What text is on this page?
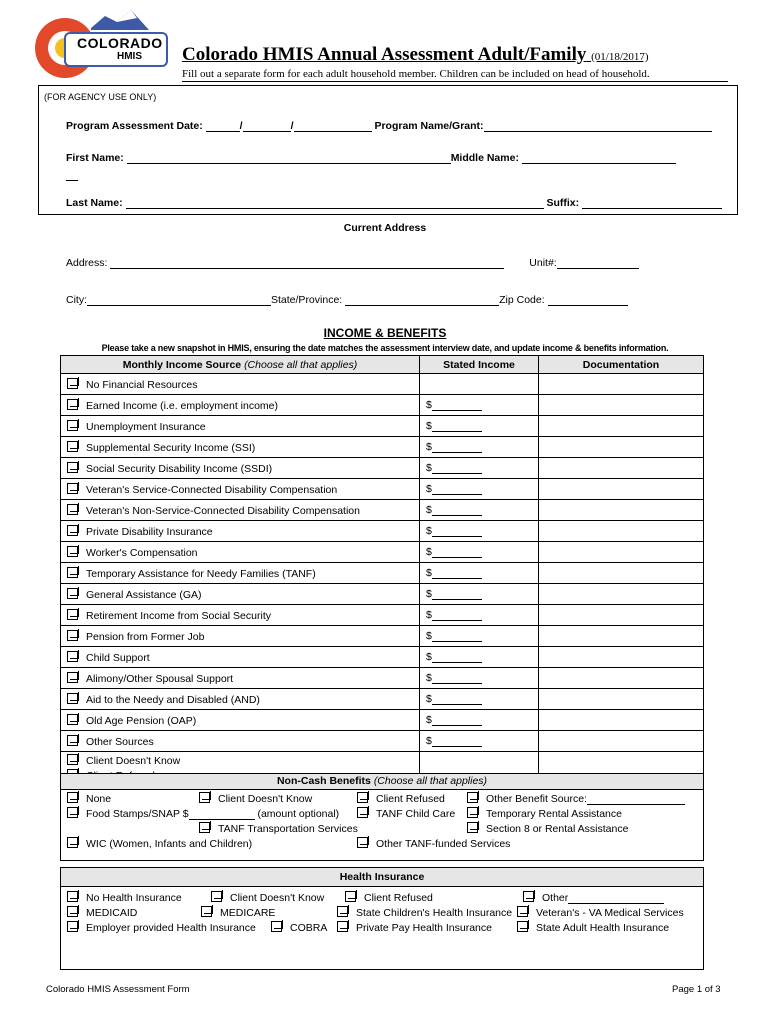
COLORADO
HMIS Colorado HMIS Annual Assessment Adult/Family (01/18/2017)
Fill out a separate form for each adult household member. Children can be included on head of household.
(FOR AGENCY USE ONLY)
Program Assessment Date:	/	/	Program Name/Grant:
First Name:	Middle Name:
Last Name:	Suffix:
Current Address
Address:	Unit#:
City:	State/Province:	Zip Code:
INCOME & BENEFITS
Please take a new snapshot in HMIS, ensuring the date matches the assessment interview date, and update income & benefits information.
Monthly Income Source (Choose all that applies)	Stated Income	Documentation
No Financial Resources		
Earned Income (i.e. employment income)	$	
Unemployment Insurance	$	
Supplemental Security Income (SSI)	$	
Social Security Disability Income (SSDI)	$	
Veteran's Service-Connected Disability Compensation	$	
Veteran's Non-Service-Connected Disability Compensation	$	
Private Disability Insurance	$	
Worker's Compensation	$	
Temporary Assistance for Needy Families (TANF)	$	
General Assistance (GA)	$	
Retirement Income from Social Security	$	
Pension from Former Job	$	
Child Support	$	
Alimony/Other Spousal Support	$	
Aid to the Needy and Disabled (AND)	$	
Old Age Pension (OAP)	$	
Other Sources	$	

Client Doesn't Know		

Non-Cash Benefits (Choose all that applies)
None	Client Doesn't Know	Client Refused	Other Benefit Source:
Food Stamps/SNAP $	(amount optional)	TANF Child Care	Temporary Rental Assistance
TANF Transportation Services	Section 8 or Rental Assistance
WIC (Women, Infants and Children)	Other TANF-funded Services
Health Insurance
No Health Insurance	Client Doesn't Know	Client Refused	Other
MEDICAID	MEDICARE	State Children's Health Insurance	Veteran's - VA Medical Services
Employer provided Health Insurance	COBRA	Private Pay Health Insurance	State Adult Health Insurance
Colorado HMIS Assessment Form	Page 1 of 3
